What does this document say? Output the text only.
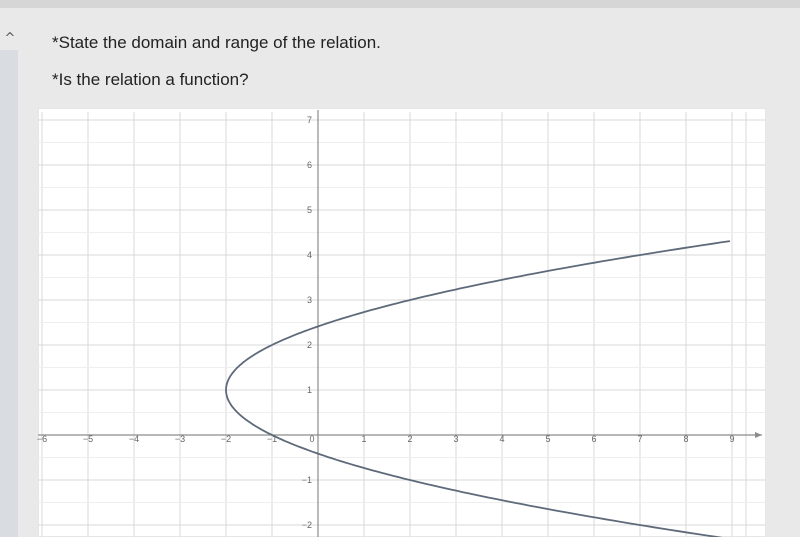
^ *State the domain and range of the relation.
*Is the relation a function?
−6	−5	−4	−3	−2	−1	0	1	2	3	4	5	6	7	8	9
−2
−1
1
2
3
4
5
6
7
